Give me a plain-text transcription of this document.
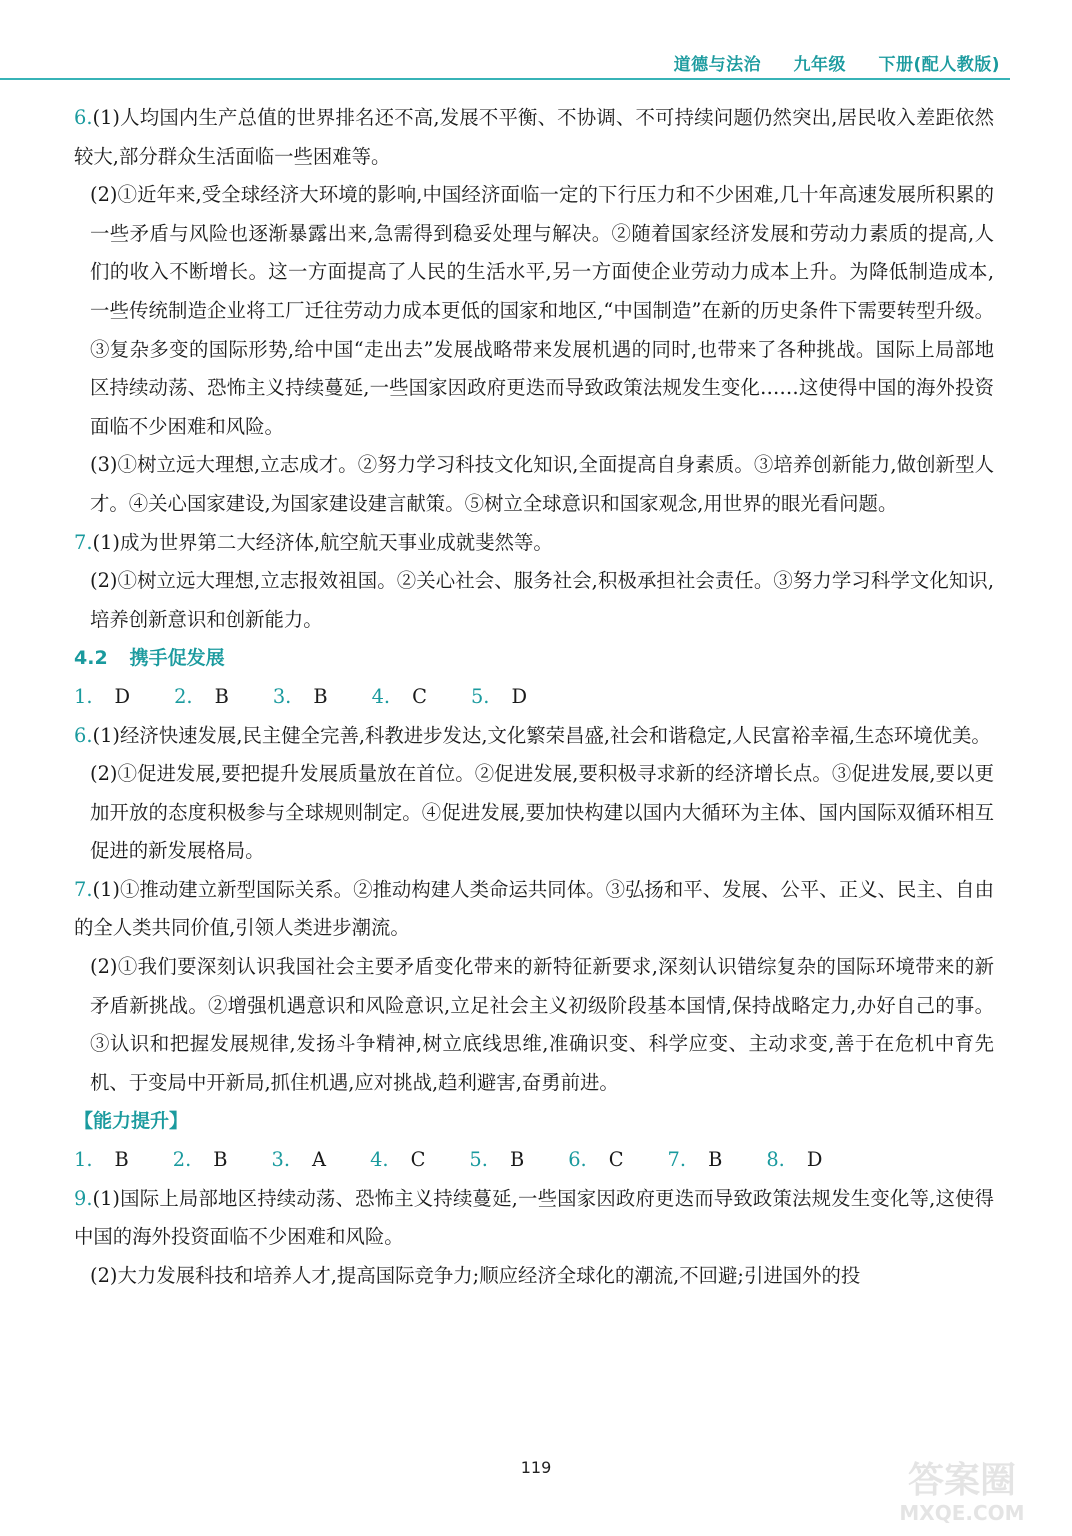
道德与法治 九年级 下册(配人教版)

6.(1)人均国内生产总值的世界排名还不高,发展不平衡、不协调、不可持续问题仍然突出,居民收入差距依然较大,部分群众生活面临一些困难等。

(2)①近年来,受全球经济大环境的影响,中国经济面临一定的下行压力和不少困难,几十年高速发展所积累的一些矛盾与风险也逐渐暴露出来,急需得到稳妥处理与解决。②随着国家经济发展和劳动力素质的提高,人们的收入不断增长。这一方面提高了人民的生活水平,另一方面使企业劳动力成本上升。为降低制造成本,一些传统制造企业将工厂迁往劳动力成本更低的国家和地区,“中国制造”在新的历史条件下需要转型升级。③复杂多变的国际形势,给中国“走出去”发展战略带来发展机遇的同时,也带来了各种挑战。国际上局部地区持续动荡、恐怖主义持续蔓延,一些国家因政府更迭而导致政策法规发生变化……这使得中国的海外投资面临不少困难和风险。

(3)①树立远大理想,立志成才。②努力学习科技文化知识,全面提高自身素质。③培养创新能力,做创新型人才。④关心国家建设,为国家建设建言献策。⑤树立全球意识和国家观念,用世界的眼光看问题。

7.(1)成为世界第二大经济体,航空航天事业成就斐然等。

(2)①树立远大理想,立志报效祖国。②关心社会、服务社会,积极承担社会责任。③努力学习科学文化知识,培养创新意识和创新能力。

4.2 携手促发展

1. D 2. B 3. B 4. C 5. D

6.(1)经济快速发展,民主健全完善,科教进步发达,文化繁荣昌盛,社会和谐稳定,人民富裕幸福,生态环境优美。

(2)①促进发展,要把提升发展质量放在首位。②促进发展,要积极寻求新的经济增长点。③促进发展,要以更加开放的态度积极参与全球规则制定。④促进发展,要加快构建以国内大循环为主体、国内国际双循环相互促进的新发展格局。

7.(1)①推动建立新型国际关系。②推动构建人类命运共同体。③弘扬和平、发展、公平、正义、民主、自由的全人类共同价值,引领人类进步潮流。

(2)①我们要深刻认识我国社会主要矛盾变化带来的新特征新要求,深刻认识错综复杂的国际环境带来的新矛盾新挑战。②增强机遇意识和风险意识,立足社会主义初级阶段基本国情,保持战略定力,办好自己的事。③认识和把握发展规律,发扬斗争精神,树立底线思维,准确识变、科学应变、主动求变,善于在危机中育先机、于变局中开新局,抓住机遇,应对挑战,趋利避害,奋勇前进。

【能力提升】

1. B 2. B 3. A 4. C 5. B 6. C 7. B 8. D

9.(1)国际上局部地区持续动荡、恐怖主义持续蔓延,一些国家因政府更迭而导致政策法规发生变化等,这使得中国的海外投资面临不少困难和风险。

(2)大力发展科技和培养人才,提高国际竞争力;顺应经济全球化的潮流,不回避;引进国外的投

119	答案圈
MXQE.COM
